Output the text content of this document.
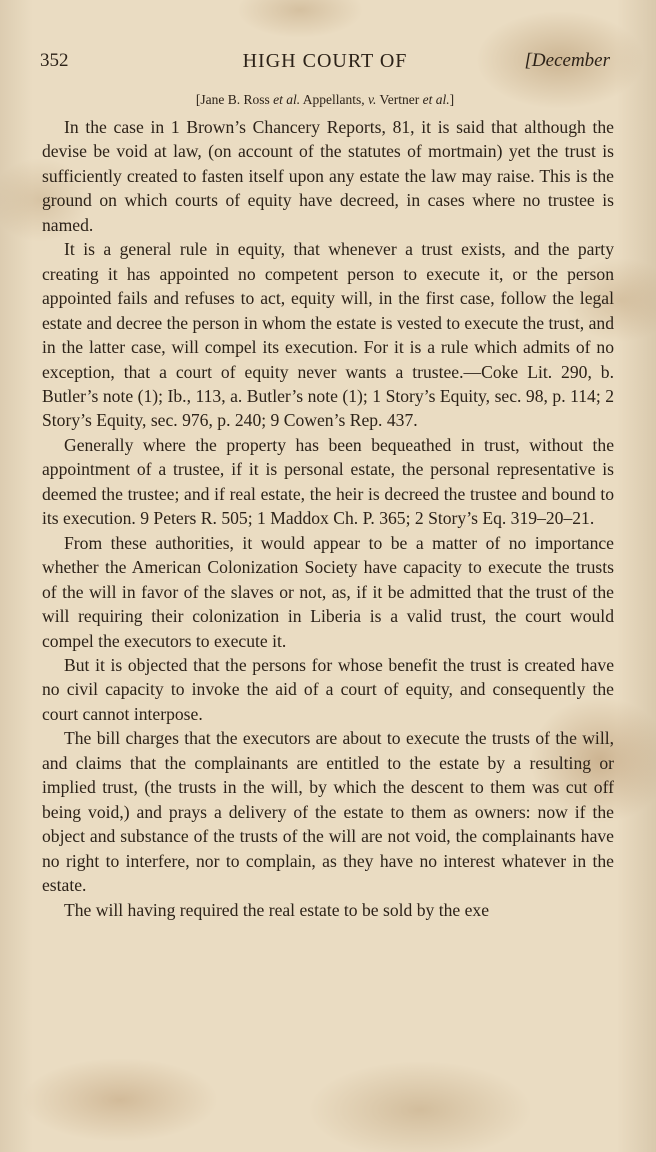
352	HIGH COURT OF	[December
[Jane B. Ross et al. Appellants, v. Vertner et al.]

In the case in 1 Brown’s Chancery Reports, 81, it is said that although the devise be void at law, (on account of the statutes of mortmain) yet the trust is sufficiently created to fasten itself upon any estate the law may raise. This is the ground on which courts of equity have decreed, in cases where no trustee is named.

It is a general rule in equity, that whenever a trust exists, and the party creating it has appointed no competent person to execute it, or the person appointed fails and refuses to act, equity will, in the first case, follow the legal estate and decree the person in whom the estate is vested to execute the trust, and in the latter case, will compel its execution. For it is a rule which admits of no exception, that a court of equity never wants a trustee.—Coke Lit. 290, b. Butler’s note (1); Ib., 113, a. Butler’s note (1); 1 Story’s Equity, sec. 98, p. 114; 2 Story’s Equity, sec. 976, p. 240; 9 Cowen’s Rep. 437.

Generally where the property has been bequeathed in trust, without the appointment of a trustee, if it is personal estate, the personal representative is deemed the trustee; and if real estate, the heir is decreed the trustee and bound to its execution. 9 Peters R. 505; 1 Maddox Ch. P. 365; 2 Story’s Eq. 319–20–21.

From these authorities, it would appear to be a matter of no importance whether the American Colonization Society have capacity to execute the trusts of the will in favor of the slaves or not, as, if it be admitted that the trust of the will requiring their colonization in Liberia is a valid trust, the court would compel the executors to execute it.

But it is objected that the persons for whose benefit the trust is created have no civil capacity to invoke the aid of a court of equity, and consequently the court cannot interpose.

The bill charges that the executors are about to execute the trusts of the will, and claims that the complainants are entitled to the estate by a resulting or implied trust, (the trusts in the will, by which the descent to them was cut off being void,) and prays a delivery of the estate to them as owners: now if the object and substance of the trusts of the will are not void, the complainants have no right to interfere, nor to complain, as they have no interest whatever in the estate.

The will having required the real estate to be sold by the exe
